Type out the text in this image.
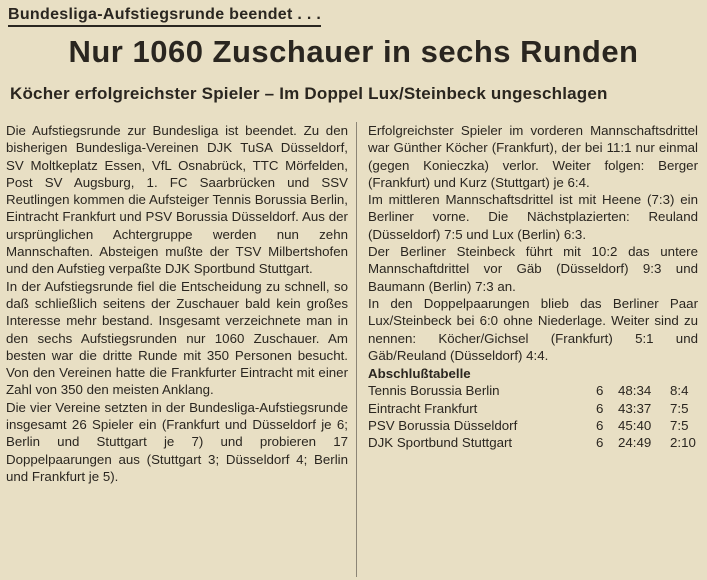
Bundesliga-Aufstiegsrunde beendet . . .
Nur 1060 Zuschauer in sechs Runden
Köcher erfolgreichster Spieler – Im Doppel Lux/Steinbeck ungeschlagen

Die Aufstiegsrunde zur Bundesliga ist beendet. Zu den bisherigen Bundesliga-Vereinen DJK TuSA Düsseldorf, SV Moltkeplatz Essen, VfL Osnabrück, TTC Mörfelden, Post SV Augsburg, 1. FC Saarbrücken und SSV Reutlingen kommen die Aufsteiger Tennis Borussia Berlin, Eintracht Frankfurt und PSV Borussia Düsseldorf. Aus der ursprünglichen Achtergruppe werden nun zehn Mannschaften. Absteigen mußte der TSV Milbertshofen und den Aufstieg verpaßte DJK Sportbund Stuttgart.

In der Aufstiegsrunde fiel die Entscheidung zu schnell, so daß schließlich seitens der Zuschauer bald kein großes Interesse mehr bestand. Insgesamt verzeichnete man in den sechs Aufstiegsrunden nur 1060 Zuschauer. Am besten war die dritte Runde mit 350 Personen besucht. Von den Vereinen hatte die Frankfurter Eintracht mit einer Zahl von 350 den meisten Anklang.

Die vier Vereine setzten in der Bundesliga-Aufstiegsrunde insgesamt 26 Spieler ein (Frankfurt und Düsseldorf je 6; Berlin und Stuttgart je 7) und probieren 17 Doppelpaarungen aus (Stuttgart 3; Düsseldorf 4; Berlin und Frankfurt je 5).

Erfolgreichster Spieler im vorderen Mannschaftsdrittel war Günther Köcher (Frankfurt), der bei 11:1 nur einmal (gegen Konieczka) verlor. Weiter folgen: Berger (Frankfurt) und Kurz (Stuttgart) je 6:4.

Im mittleren Mannschaftsdrittel ist mit Heene (7:3) ein Berliner vorne. Die Nächstplazierten: Reuland (Düsseldorf) 7:5 und Lux (Berlin) 6:3.

Der Berliner Steinbeck führt mit 10:2 das untere Mannschaftdrittel vor Gäb (Düsseldorf) 9:3 und Baumann (Berlin) 7:3 an.

In den Doppelpaarungen blieb das Berliner Paar Lux/Steinbeck bei 6:0 ohne Niederlage. Weiter sind zu nennen: Köcher/Gichsel (Frankfurt) 5:1 und Gäb/Reuland (Düsseldorf) 4:4.

Abschlußtabelle
Tennis Borussia Berlin	6	48:34	8:4
Eintracht Frankfurt	6	43:37	7:5
PSV Borussia Düsseldorf	6	45:40	7:5
DJK Sportbund Stuttgart	6	24:49	2:10
